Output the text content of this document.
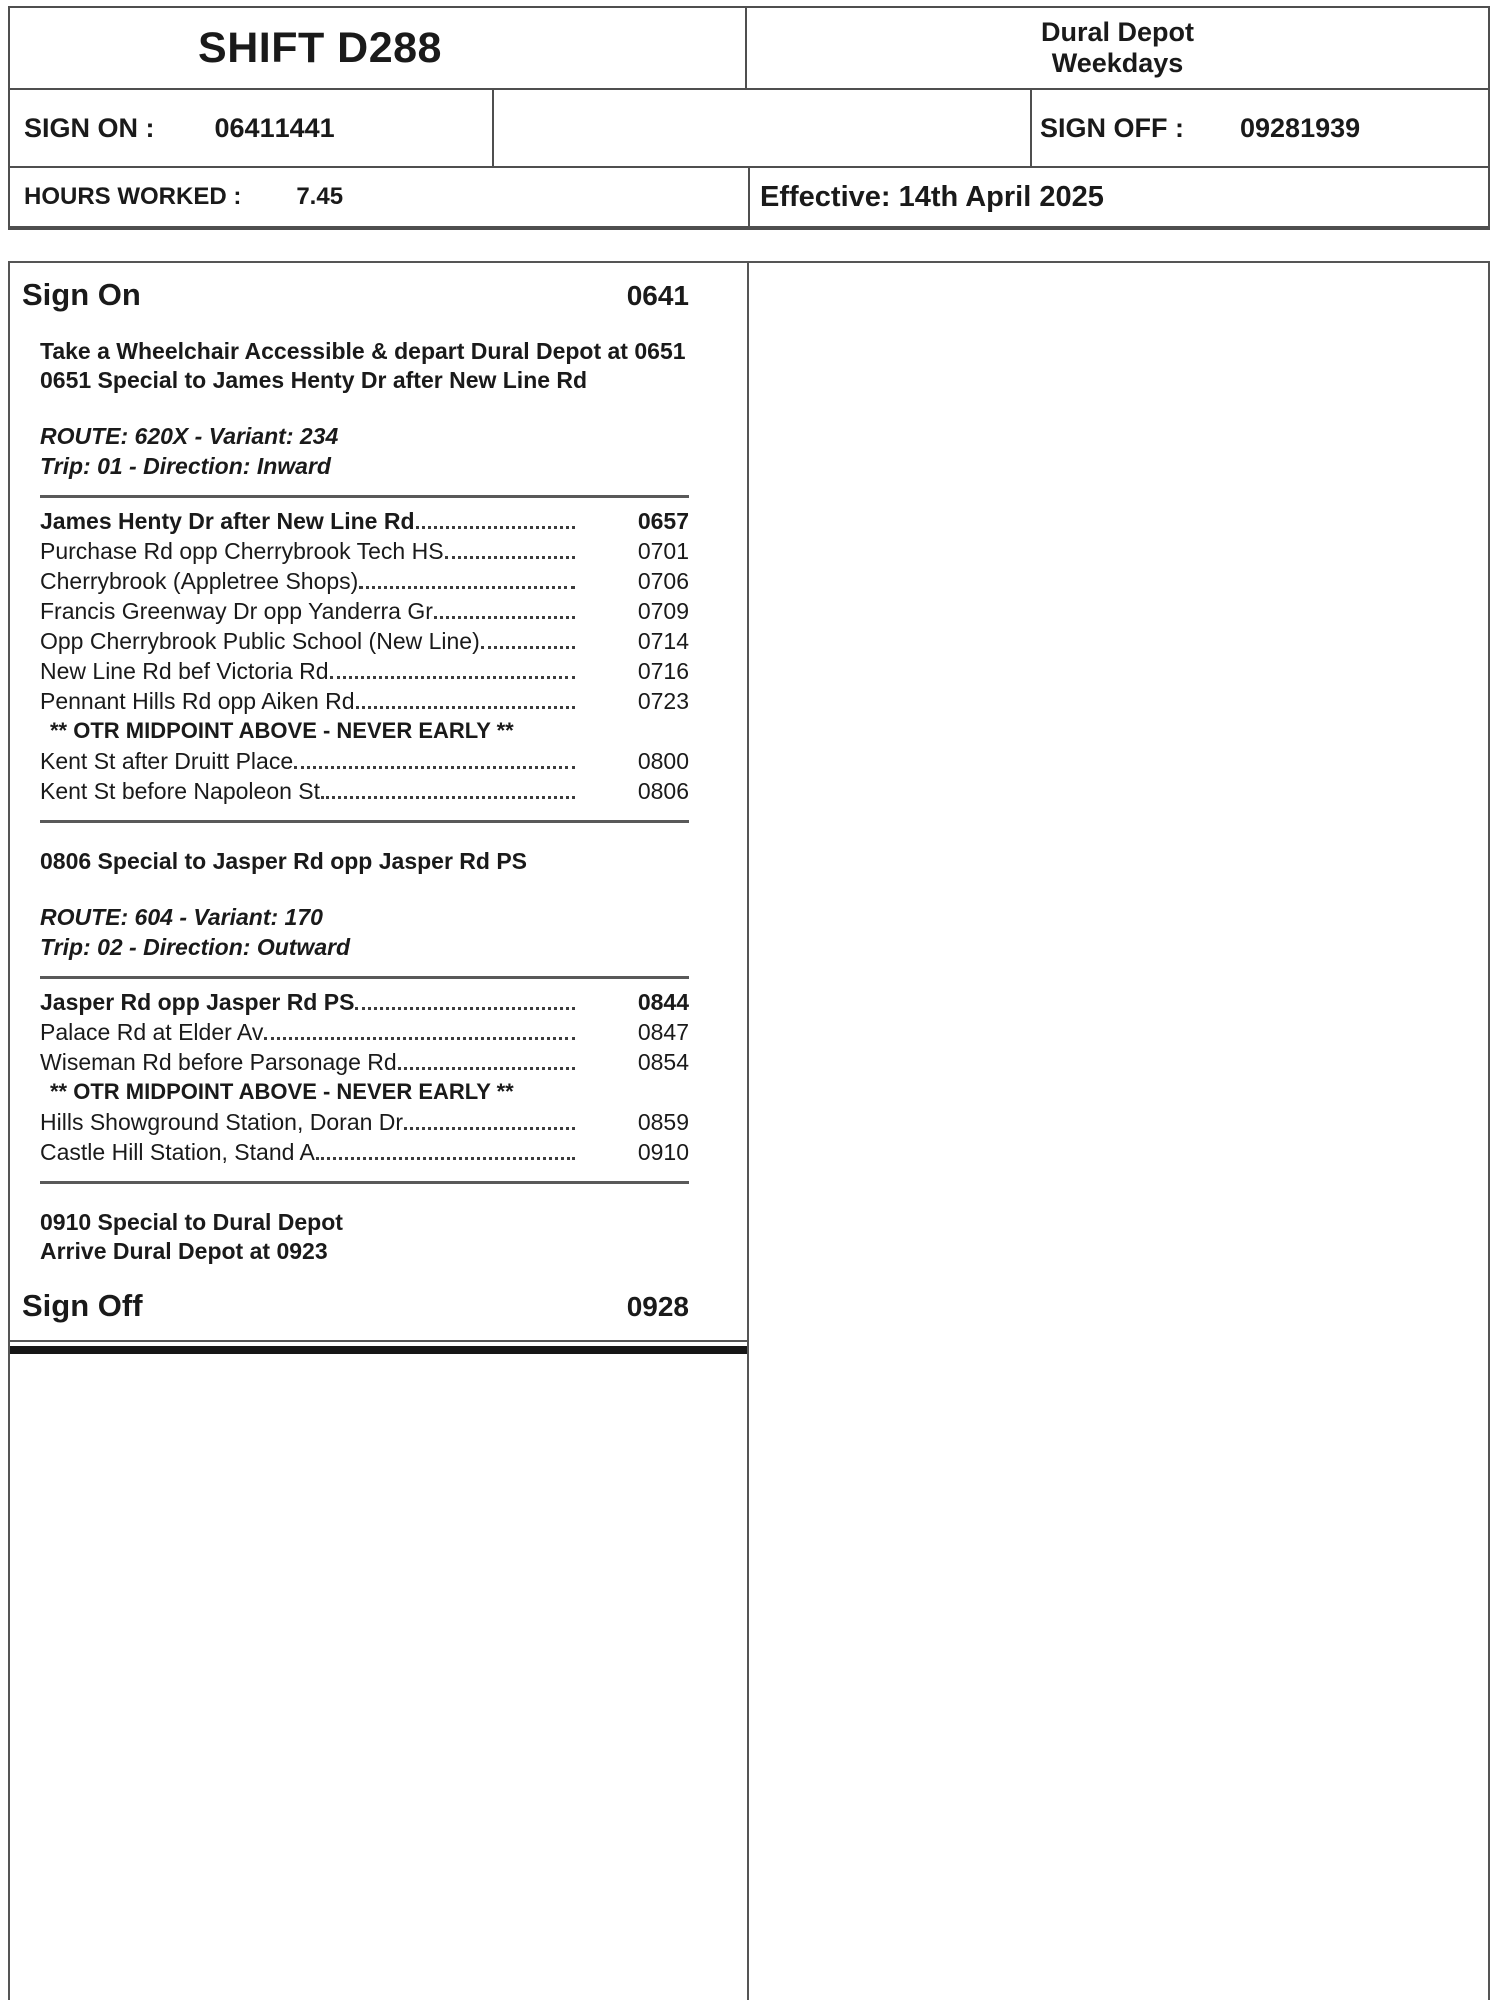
SHIFT D288	Dural Depot
Weekdays
SIGN ON : 0641 1441	SIGN OFF : 0928 1939
HOURS WORKED : 7.45	Effective: 14th April 2025
Sign On	0641
Take a Wheelchair Accessible & depart Dural Depot at 0651
0651 Special to James Henty Dr after New Line Rd
ROUTE: 620X - Variant: 234
Trip: 01 - Direction: Inward
James Henty Dr after New Line Rd	0657
Purchase Rd opp Cherrybrook Tech HS	0701
Cherrybrook (Appletree Shops)	0706
Francis Greenway Dr opp Yanderra Gr	0709
Opp Cherrybrook Public School (New Line)	0714
New Line Rd bef Victoria Rd	0716
Pennant Hills Rd opp Aiken Rd	0723
** OTR MIDPOINT ABOVE - NEVER EARLY **
Kent St after Druitt Place	0800
Kent St before Napoleon St	0806
0806 Special to Jasper Rd opp Jasper Rd PS
ROUTE: 604 - Variant: 170
Trip: 02 - Direction: Outward
Jasper Rd opp Jasper Rd PS	0844
Palace Rd at Elder Av	0847
Wiseman Rd before Parsonage Rd	0854
** OTR MIDPOINT ABOVE - NEVER EARLY **
Hills Showground Station, Doran Dr	0859
Castle Hill Station, Stand A	0910
0910 Special to Dural Depot
Arrive Dural Depot at 0923
Sign Off	0928
